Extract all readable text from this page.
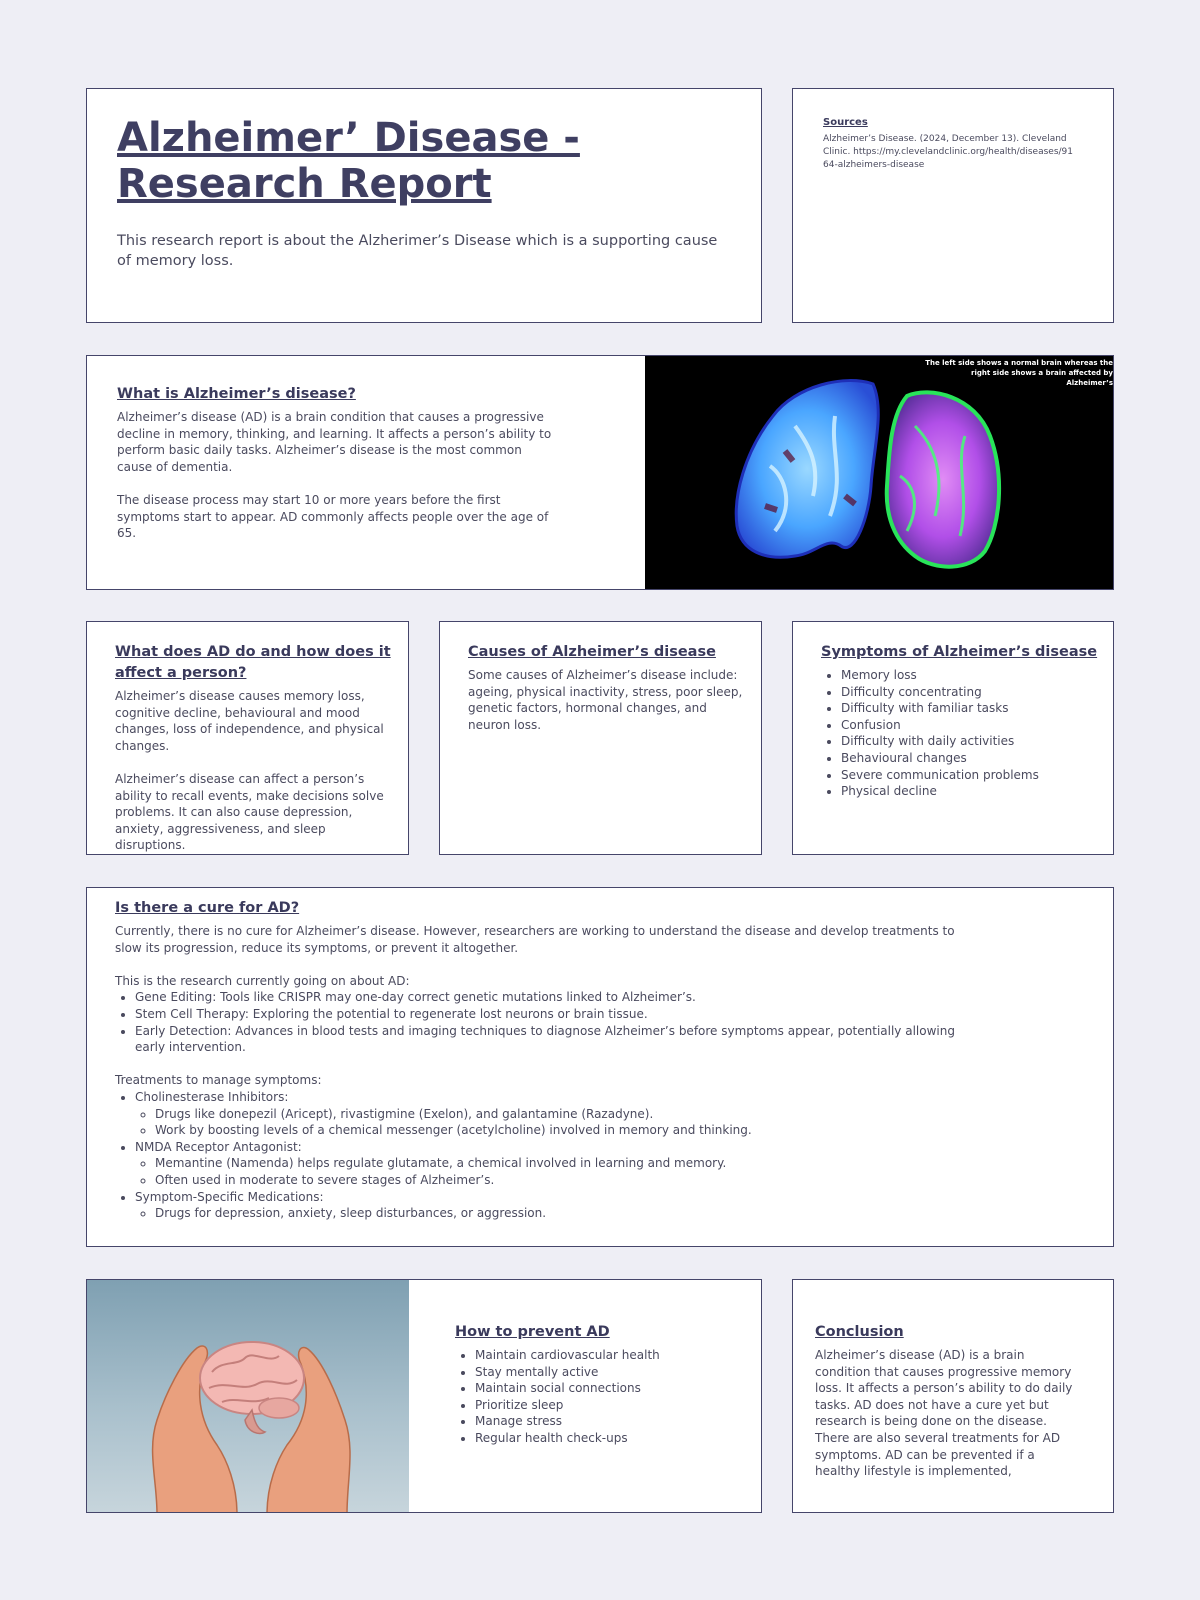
Alzheimer’ Disease - Research Report

This research report is about the Alzherimer’s Disease which is a supporting cause of memory loss.

Sources

Alzheimer’s Disease. (2024, December 13). Cleveland Clinic. https://my.clevelandclinic.org/health/diseases/9164-alzheimers-disease

What is Alzheimer’s disease?

Alzheimer’s disease (AD) is a brain condition that causes a progressive decline in memory, thinking, and learning. It affects a person’s ability to perform basic daily tasks. Alzheimer’s disease is the most common cause of dementia.

The disease process may start 10 or more years before the first symptoms start to appear. AD commonly affects people over the age of 65.

The left side shows a normal brain whereas the right side shows a brain affected by Alzheimer’s

What does AD do and how does it affect a person?

Alzheimer’s disease causes memory loss, cognitive decline, behavioural and mood changes, loss of independence, and physical changes.

Alzheimer’s disease can affect a person’s ability to recall events, make decisions solve problems. It can also cause depression, anxiety, aggressiveness, and sleep disruptions.

Causes of Alzheimer’s disease

Some causes of Alzheimer’s disease include: ageing, physical inactivity, stress, poor sleep, genetic factors, hormonal changes, and neuron loss.

Symptoms of Alzheimer’s disease

• Memory loss
• Difficulty concentrating
• Difficulty with familiar tasks
• Confusion
• Difficulty with daily activities
• Behavioural changes
• Severe communication problems
• Physical decline

Is there a cure for AD?

Currently, there is no cure for Alzheimer’s disease. However, researchers are working to understand the disease and develop treatments to slow its progression, reduce its symptoms, or prevent it altogether.

This is the research currently going on about AD:

• Gene Editing: Tools like CRISPR may one-day correct genetic mutations linked to Alzheimer’s.
• Stem Cell Therapy: Exploring the potential to regenerate lost neurons or brain tissue.
• Early Detection: Advances in blood tests and imaging techniques to diagnose Alzheimer’s before symptoms appear, potentially allowing early intervention.

Treatments to manage symptoms:

• Cholinesterase Inhibitors:
◦ Drugs like donepezil (Aricept), rivastigmine (Exelon), and galantamine (Razadyne).
◦ Work by boosting levels of a chemical messenger (acetylcholine) involved in memory and thinking.
• NMDA Receptor Antagonist:
◦ Memantine (Namenda) helps regulate glutamate, a chemical involved in learning and memory.
◦ Often used in moderate to severe stages of Alzheimer’s.
• Symptom-Specific Medications:
◦ Drugs for depression, anxiety, sleep disturbances, or aggression.

How to prevent AD

• Maintain cardiovascular health
• Stay mentally active
• Maintain social connections
• Prioritize sleep
• Manage stress
• Regular health check-ups

Conclusion

Alzheimer’s disease (AD) is a brain condition that causes progressive memory loss. It affects a person’s ability to do daily tasks. AD does not have a cure yet but research is being done on the disease. There are also several treatments for AD symptoms. AD can be prevented if a healthy lifestyle is implemented,
